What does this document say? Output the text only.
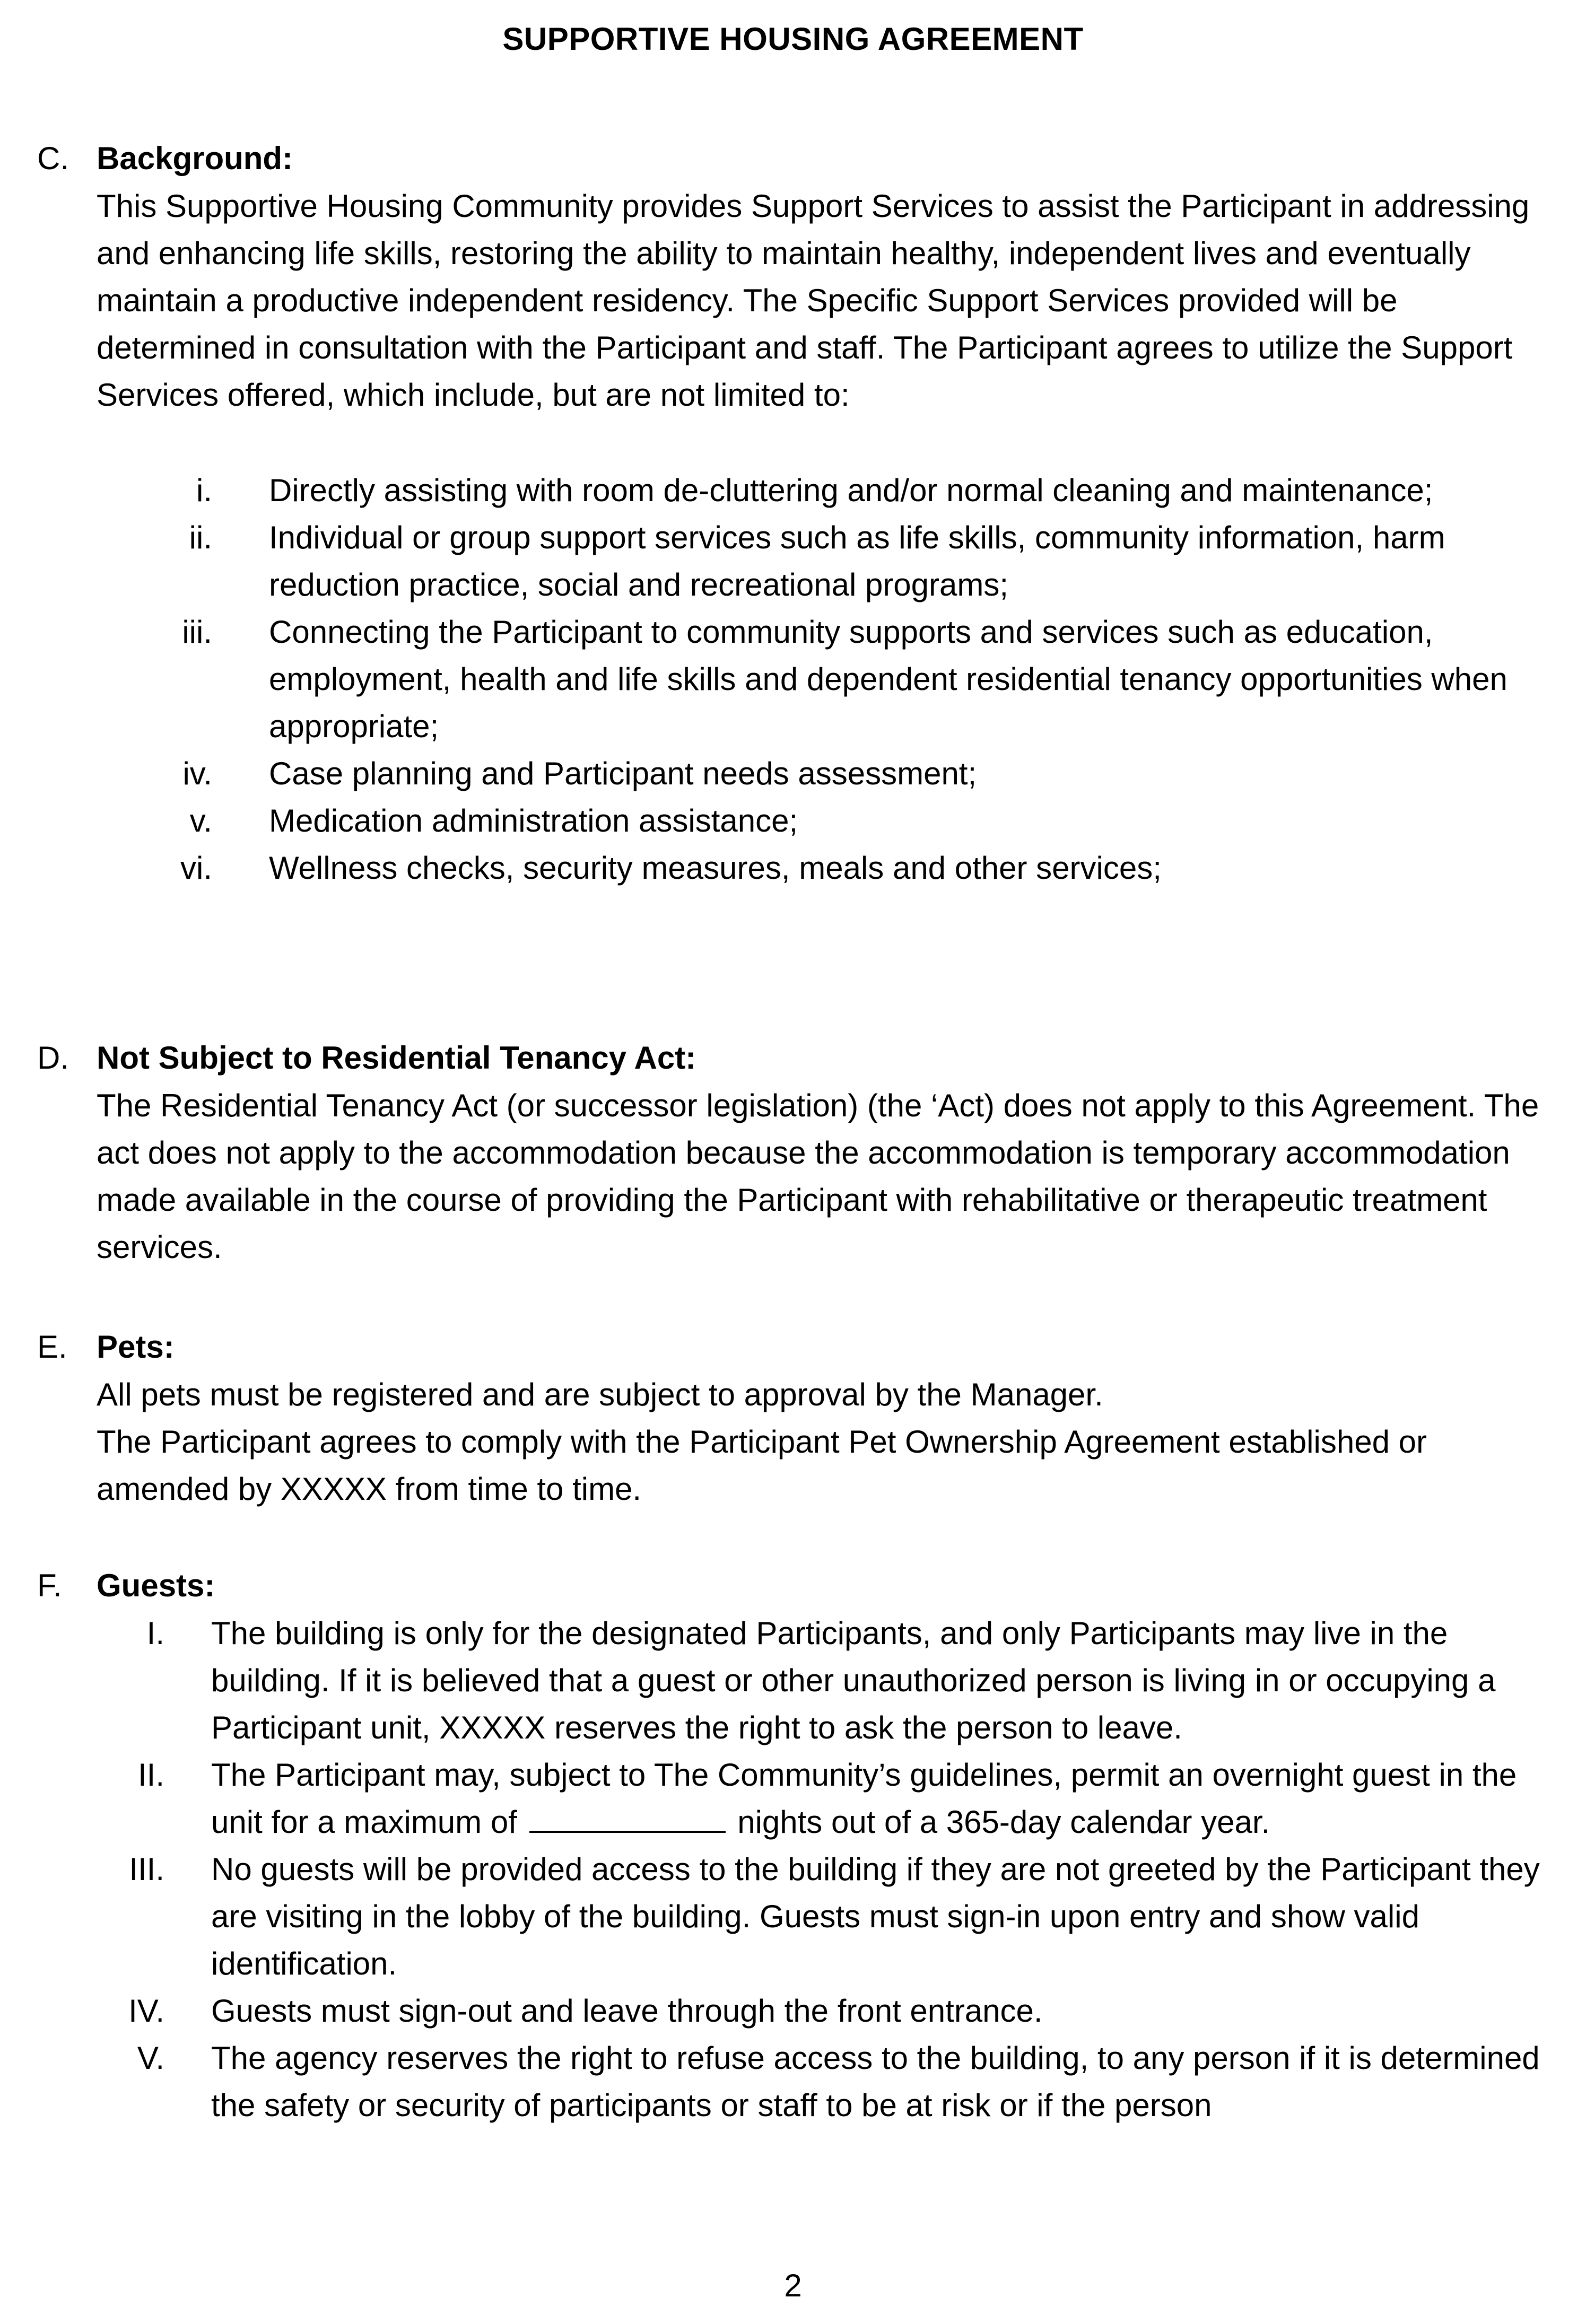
SUPPORTIVE HOUSING AGREEMENT
C. Background:
This Supportive Housing Community provides Support Services to assist the Participant in addressing and enhancing life skills, restoring the ability to maintain healthy, independent lives and eventually maintain a productive independent residency. The Specific Support Services provided will be determined in consultation with the Participant and staff. The Participant agrees to utilize the Support Services offered, which include, but are not limited to:
i. Directly assisting with room de-cluttering and/or normal cleaning and maintenance;
ii. Individual or group support services such as life skills, community information, harm reduction practice, social and recreational programs;
iii. Connecting the Participant to community supports and services such as education, employment, health and life skills and dependent residential tenancy opportunities when appropriate;
iv. Case planning and Participant needs assessment;
v. Medication administration assistance;
vi. Wellness checks, security measures, meals and other services;
D. Not Subject to Residential Tenancy Act:
The Residential Tenancy Act (or successor legislation) (the ‘Act) does not apply to this Agreement. The act does not apply to the accommodation because the accommodation is temporary accommodation made available in the course of providing the Participant with rehabilitative or therapeutic treatment services.
E. Pets:
All pets must be registered and are subject to approval by the Manager.
The Participant agrees to comply with the Participant Pet Ownership Agreement established or amended by XXXXX from time to time.
F.	Guests:
I. The building is only for the designated Participants, and only Participants may live in the building. If it is believed that a guest or other unauthorized person is living in or occupying a Participant unit, XXXXX reserves the right to ask the person to leave.
II. The Participant may, subject to The Community’s guidelines, permit an overnight guest in the unit for a maximum of	nights out of a 365-day calendar year.
III. No guests will be provided access to the building if they are not greeted by the Participant they are visiting in the lobby of the building. Guests must sign-in upon entry and show valid identification.
IV. Guests must sign-out and leave through the front entrance.
V. The agency reserves the right to refuse access to the building, to any person if it is determined the safety or security of participants or staff to be at risk or if the person
2
